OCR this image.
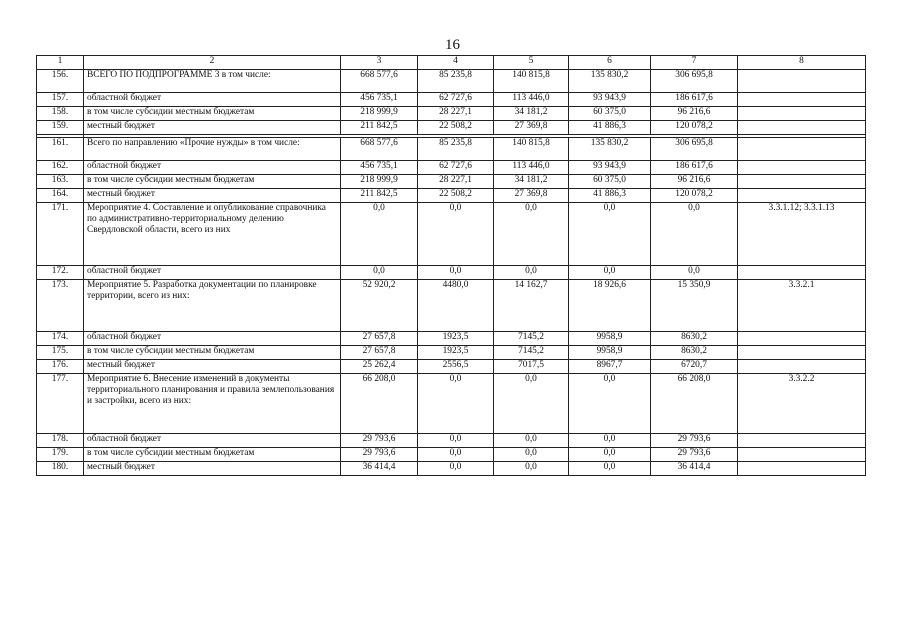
16
1	2	3	4	5	6	7	8
156.	ВСЕГО ПО ПОДПРОГРАММЕ 3 в том числе:	668 577,6	85 235,8	140 815,8	135 830,2	306 695,8	
157.	областной бюджет	456 735,1	62 727,6	113 446,0	93 943,9	186 617,6	
158.	в том числе субсидии местным бюджетам	218 999,9	28 227,1	34 181,2	60 375,0	96 216,6	
159.	местный бюджет	211 842,5	22 508,2	27 369,8	41 886,3	120 078,2	

161.	Всего по направлению «Прочие нужды» в том числе:	668 577,6	85 235,8	140 815,8	135 830,2	306 695,8	
162.	областной бюджет	456 735,1	62 727,6	113 446,0	93 943,9	186 617,6	
163.	в том числе субсидии местным бюджетам	218 999,9	28 227,1	34 181,2	60 375,0	96 216,6	
164.	местный бюджет	211 842,5	22 508,2	27 369,8	41 886,3	120 078,2	
171.	Мероприятие 4. Составление и опубликование справочника по административно-территориальному делению Свердловской области, всего из них	0,0	0,0	0,0	0,0	0,0	3.3.1.12; 3.3.1.13
172.	областной бюджет	0,0	0,0	0,0	0,0	0,0	
173.	Мероприятие 5. Разработка документации по планировке территории, всего из них:	52 920,2	4480,0	14 162,7	18 926,6	15 350,9	3.3.2.1
174.	областной бюджет	27 657,8	1923,5	7145,2	9958,9	8630,2	
175.	в том числе субсидии местным бюджетам	27 657,8	1923,5	7145,2	9958,9	8630,2	
176.	местный бюджет	25 262,4	2556,5	7017,5	8967,7	6720,7	
177.	Мероприятие 6. Внесение изменений в документы территориального планирования и правила землепользования и застройки, всего из них:	66 208,0	0,0	0,0	0,0	66 208,0	3.3.2.2
178.	областной бюджет	29 793,6	0,0	0,0	0,0	29 793,6	
179.	в том числе субсидии местным бюджетам	29 793,6	0,0	0,0	0,0	29 793,6	
180.	местный бюджет	36 414,4	0,0	0,0	0,0	36 414,4	
